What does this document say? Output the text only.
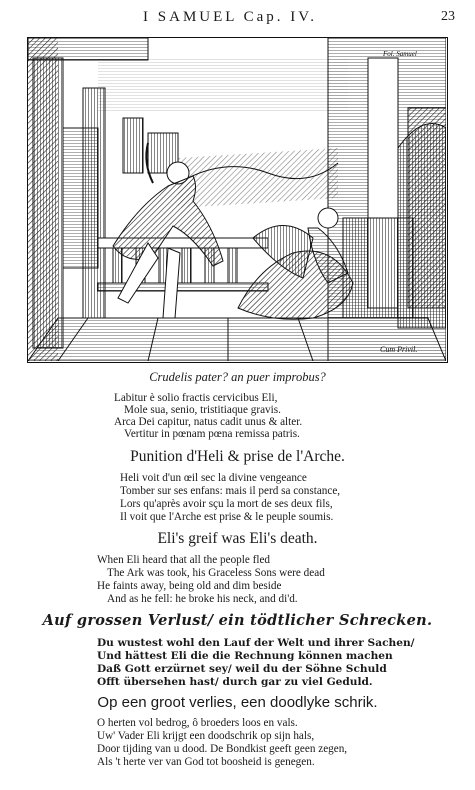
I SAMUEL Cap. IV.	23
Fol. Samuel
Cum Privil.
Crudelis pater? an puer improbus?
Labitur è solio fractis cervicibus Eli,
Mole sua, senio, tristitiaque gravis.
Arca Dei capitur, natus cadit unus & alter.
Vertitur in pœnam pœna remissa patris.
Punition d'Heli & prise de l'Arche.
Heli voit d'un œil sec la divine vengeance
Tomber sur ses enfans: mais il perd sa constance,
Lors qu'après avoir sçu la mort de ses deux fils,
Il voit que l'Arche est prise & le peuple soumis.
Eli's greif was Eli's death.
When Eli heard that all the people fled
The Ark was took, his Graceless Sons were dead
He faints away, being old and dim beside
And as he fell: he broke his neck, and di'd.
Auf grossen Verlust/ ein tödtlicher Schrecken.
Du wustest wohl den Lauf der Welt und ihrer Sachen/
Und hättest Eli die die Rechnung können machen
Daß Gott erzürnet sey/ weil du der Söhne Schuld
Offt übersehen hast/ durch gar zu viel Geduld.
Op een groot verlies, een doodlyke schrik.
O herten vol bedrog, ô broeders loos en vals.
Uw' Vader Eli krijgt een doodschrik op sijn hals,
Door tijding van u dood. De Bondkist geeft geen zegen,
Als 't herte ver van God tot boosheid is genegen.
